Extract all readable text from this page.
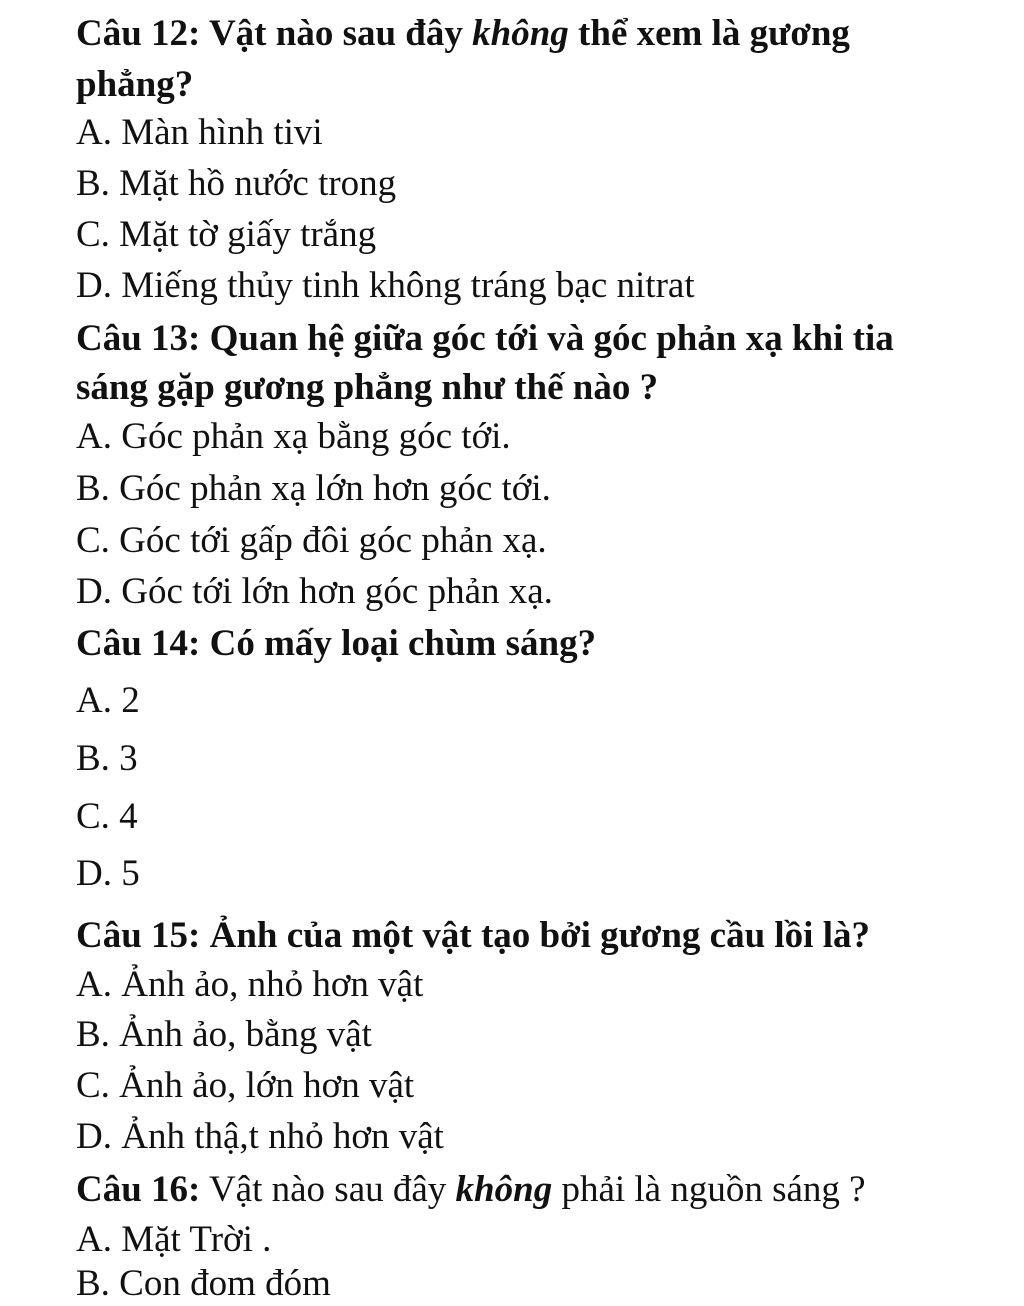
Câu 12: Vật nào sau đây không thể xem là gương
phẳng?
A. Màn hình tivi
B. Mặt hồ nước trong
C. Mặt tờ giấy trắng
D. Miếng thủy tinh không tráng bạc nitrat
Câu 13: Quan hệ giữa góc tới và góc phản xạ khi tia
sáng gặp gương phẳng như thế nào ?
A. Góc phản xạ bằng góc tới.
B. Góc phản xạ lớn hơn góc tới.
C. Góc tới gấp đôi góc phản xạ.
D. Góc tới lớn hơn góc phản xạ.
Câu 14: Có mấy loại chùm sáng?
A. 2
B. 3
C. 4
D. 5
Câu 15: Ảnh của một vật tạo bởi gương cầu lồi là?
A. Ảnh ảo, nhỏ hơn vật
B. Ảnh ảo, bằng vật
C. Ảnh ảo, lớn hơn vật
D. Ảnh thậ,t nhỏ hơn vật
Câu 16: Vật nào sau đây không phải là nguồn sáng ?
A. Mặt Trời .
B. Con đom đóm
